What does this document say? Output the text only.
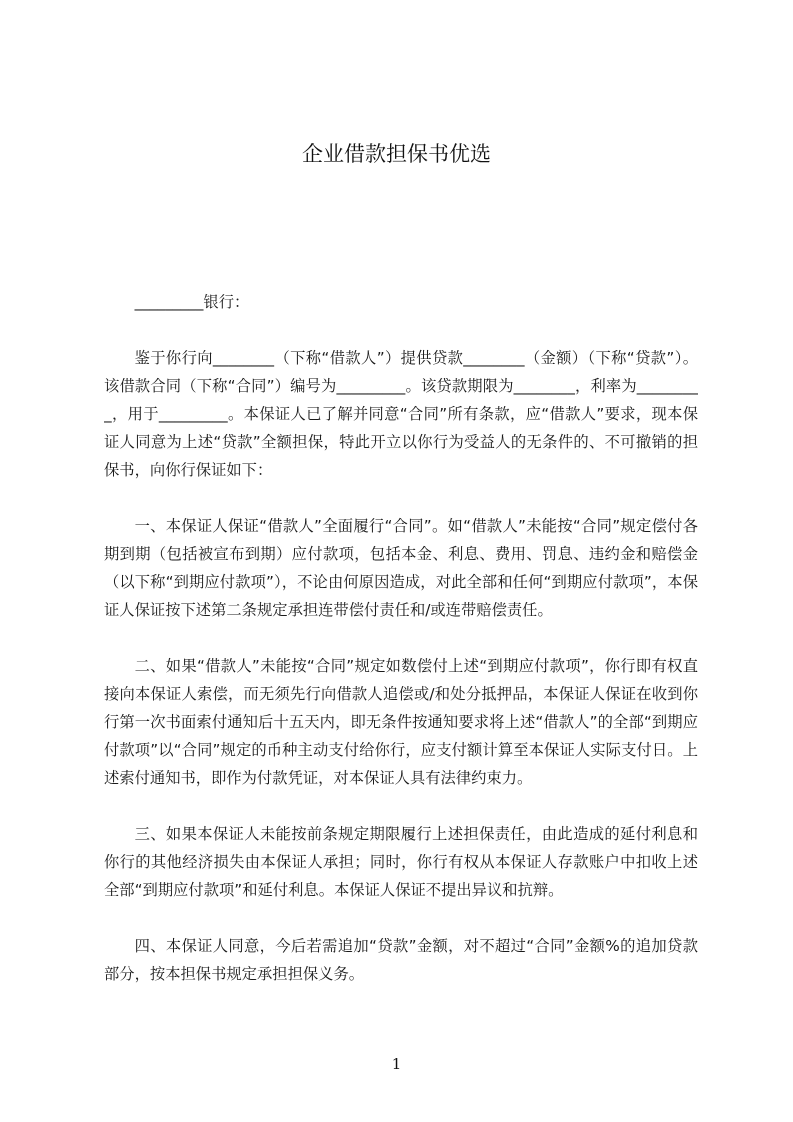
企业借款担保书优选

_________银行：

鉴于你行向________（下称“借款人”）提供贷款________（金额）（下称“贷款”）。该借款合同（下称“合同”）编号为_________。该贷款期限为________，利率为_________，用于_________。本保证人已了解并同意“合同”所有条款，应“借款人”要求，现本保证人同意为上述“贷款”全额担保，特此开立以你行为受益人的无条件的、不可撤销的担保书，向你行保证如下：

一、本保证人保证“借款人”全面履行“合同”。如“借款人”未能按“合同”规定偿付各期到期（包括被宣布到期）应付款项，包括本金、利息、费用、罚息、违约金和赔偿金（以下称“到期应付款项”），不论由何原因造成，对此全部和任何“到期应付款项”，本保证人保证按下述第二条规定承担连带偿付责任和/或连带赔偿责任。

二、如果“借款人”未能按“合同”规定如数偿付上述“到期应付款项”，你行即有权直接向本保证人索偿，而无须先行向借款人追偿或/和处分抵押品，本保证人保证在收到你行第一次书面索付通知后十五天内，即无条件按通知要求将上述“借款人”的全部“到期应付款项”以“合同”规定的币种主动支付给你行，应支付额计算至本保证人实际支付日。上述索付通知书，即作为付款凭证，对本保证人具有法律约束力。

三、如果本保证人未能按前条规定期限履行上述担保责任，由此造成的延付利息和你行的其他经济损失由本保证人承担；同时，你行有权从本保证人存款账户中扣收上述全部“到期应付款项”和延付利息。本保证人保证不提出异议和抗辩。

四、本保证人同意，今后若需追加“贷款”金额，对不超过“合同”金额%的追加贷款部分，按本担保书规定承担担保义务。

1
